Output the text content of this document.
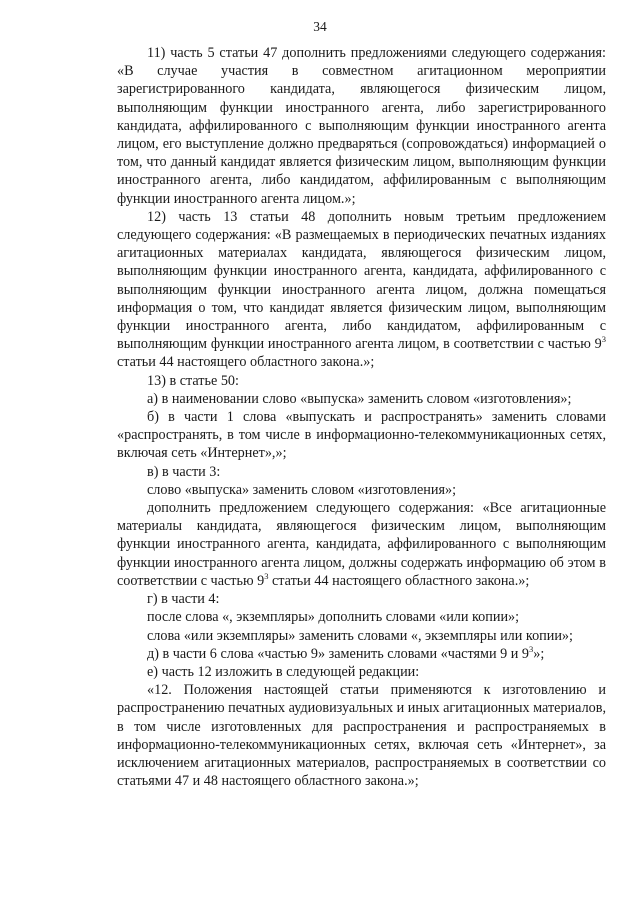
34

11) часть 5 статьи 47 дополнить предложениями следующего содержания: «В случае участия в совместном агитационном мероприятии зарегистрированного кандидата, являющегося физическим лицом, выполняющим функции иностранного агента, либо зарегистрированного кандидата, аффилированного с выполняющим функции иностранного агента лицом, его выступление должно предваряться (сопровождаться) информацией о том, что данный кандидат является физическим лицом, выполняющим функции иностранного агента, либо кандидатом, аффилированным с выполняющим функции иностранного агента лицом.»;

12) часть 13 статьи 48 дополнить новым третьим предложением следующего содержания: «В размещаемых в периодических печатных изданиях агитационных материалах кандидата, являющегося физическим лицом, выполняющим функции иностранного агента, кандидата, аффилированного с выполняющим функции иностранного агента лицом, должна помещаться информация о том, что кандидат является физическим лицом, выполняющим функции иностранного агента, либо кандидатом, аффилированным с выполняющим функции иностранного агента лицом, в соответствии с частью $9^3$ статьи 44 настоящего областного закона.»;

13) в статье 50:

а) в наименовании слово «выпуска» заменить словом «изготовления»;

б) в части 1 слова «выпускать и распространять» заменить словами «распространять, в том числе в информационно-телекоммуникационных сетях, включая сеть «Интернет»,»;

в) в части 3:

слово «выпуска» заменить словом «изготовления»;

дополнить предложением следующего содержания: «Все агитационные материалы кандидата, являющегося физическим лицом, выполняющим функции иностранного агента, кандидата, аффилированного с выполняющим функции иностранного агента лицом, должны содержать информацию об этом в соответствии с частью $9^3$ статьи 44 настоящего областного закона.»;

г) в части 4:

после слова «, экземпляры» дополнить словами «или копии»;

слова «или экземпляры» заменить словами «, экземпляры или копии»;

д) в части 6 слова «частью 9» заменить словами «частями 9 и $9^3$»;

е) часть 12 изложить в следующей редакции:

«12. Положения настоящей статьи применяются к изготовлению и распространению печатных аудиовизуальных и иных агитационных материалов, в том числе изготовленных для распространения и распространяемых в информационно-телекоммуникационных сетях, включая сеть «Интернет», за исключением агитационных материалов, распространяемых в соответствии со статьями 47 и 48 настоящего областного закона.»;
